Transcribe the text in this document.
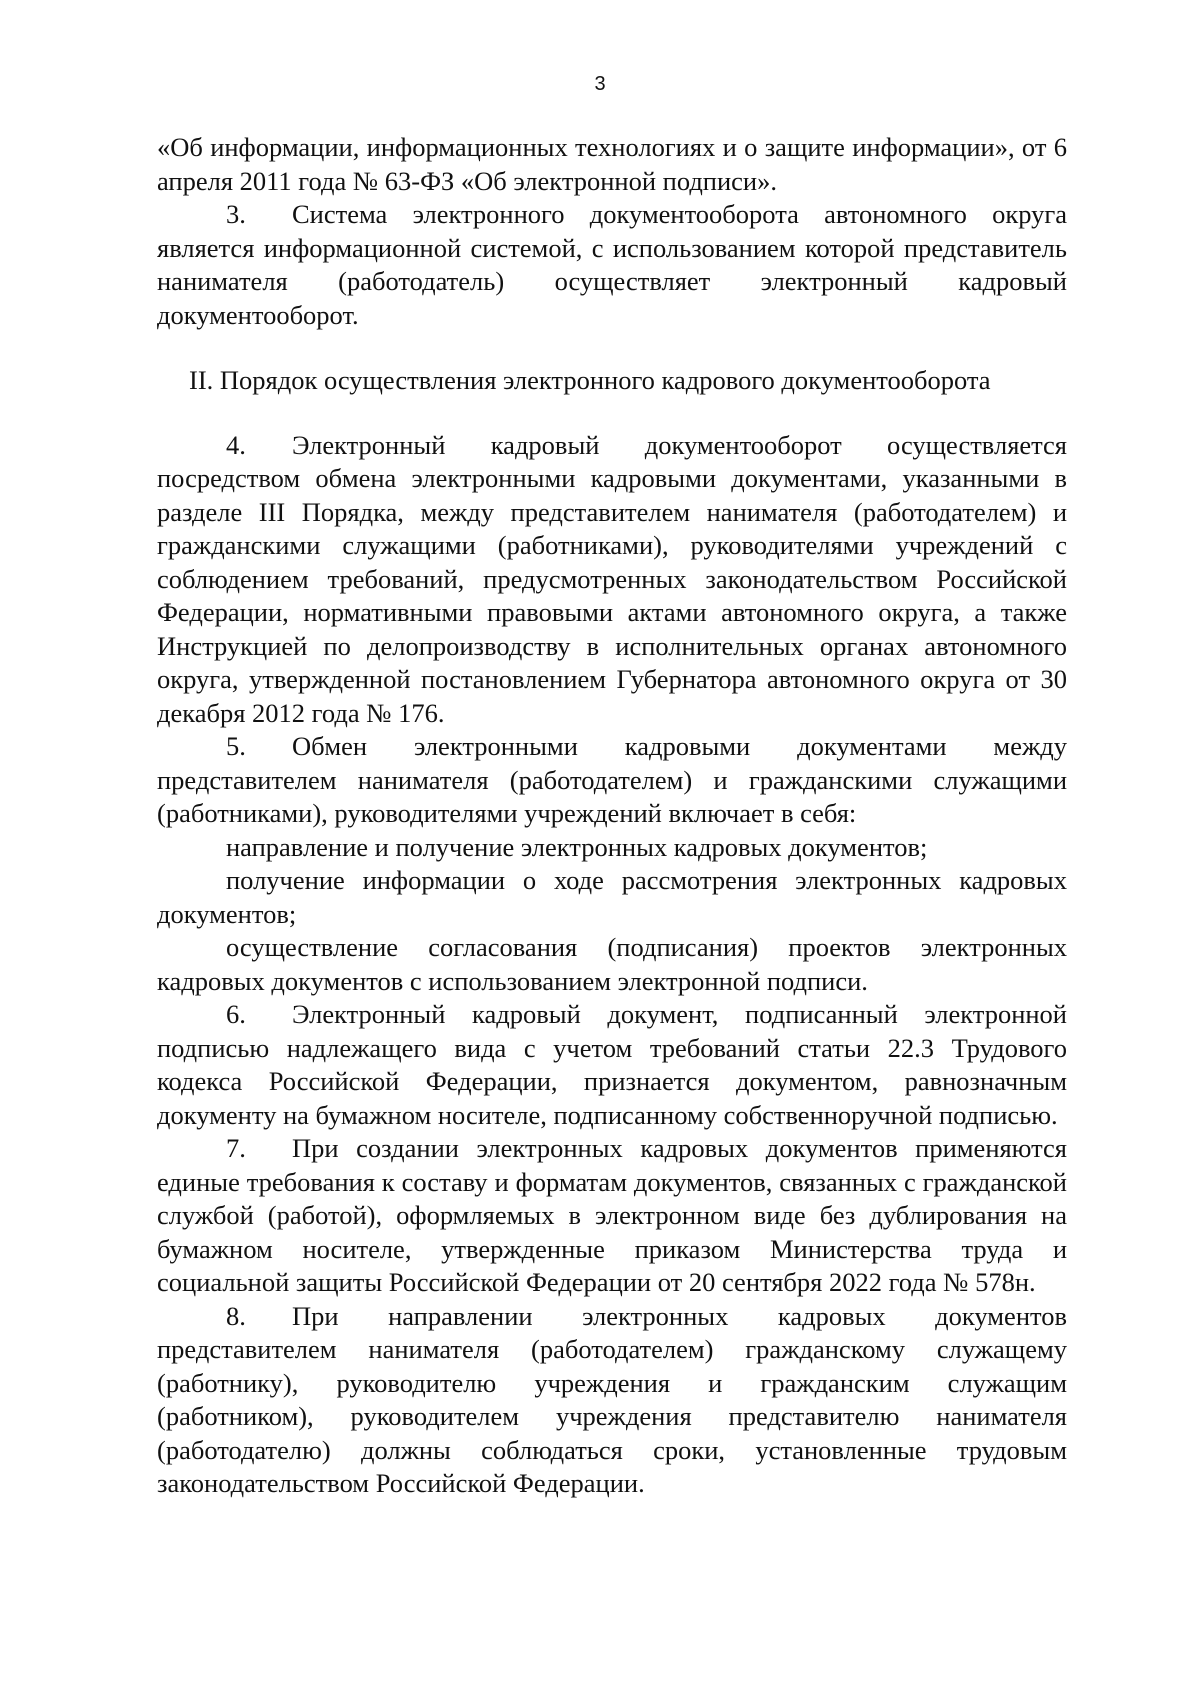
3

«Об информации, информационных технологиях и о защите информации», от 6 апреля 2011 года № 63-ФЗ «Об электронной подписи».

3. Система электронного документооборота автономного округа является информационной системой, с использованием которой представитель нанимателя (работодатель) осуществляет электронный кадровый документооборот.

II. Порядок осуществления электронного кадрового документооборота

4. Электронный кадровый документооборот осуществляется посредством обмена электронными кадровыми документами, указанными в разделе III Порядка, между представителем нанимателя (работодателем) и гражданскими служащими (работниками), руководителями учреждений с соблюдением требований, предусмотренных законодательством Российской Федерации, нормативными правовыми актами автономного округа, а также Инструкцией по делопроизводству в исполнительных органах автономного округа, утвержденной постановлением Губернатора автономного округа от 30 декабря 2012 года № 176.

5. Обмен электронными кадровыми документами между представителем нанимателя (работодателем) и гражданскими служащими (работниками), руководителями учреждений включает в себя:

направление и получение электронных кадровых документов;

получение информации о ходе рассмотрения электронных кадровых документов;

осуществление согласования (подписания) проектов электронных кадровых документов с использованием электронной подписи.

6. Электронный кадровый документ, подписанный электронной подписью надлежащего вида с учетом требований статьи 22.3 Трудового кодекса Российской Федерации, признается документом, равнозначным документу на бумажном носителе, подписанному собственноручной подписью.

7. При создании электронных кадровых документов применяются единые требования к составу и форматам документов, связанных с гражданской службой (работой), оформляемых в электронном виде без дублирования на бумажном носителе, утвержденные приказом Министерства труда и социальной защиты Российской Федерации от 20 сентября 2022 года № 578н.

8. При направлении электронных кадровых документов представителем нанимателя (работодателем) гражданскому служащему (работнику), руководителю учреждения и гражданским служащим (работником), руководителем учреждения представителю нанимателя (работодателю) должны соблюдаться сроки, установленные трудовым законодательством Российской Федерации.
